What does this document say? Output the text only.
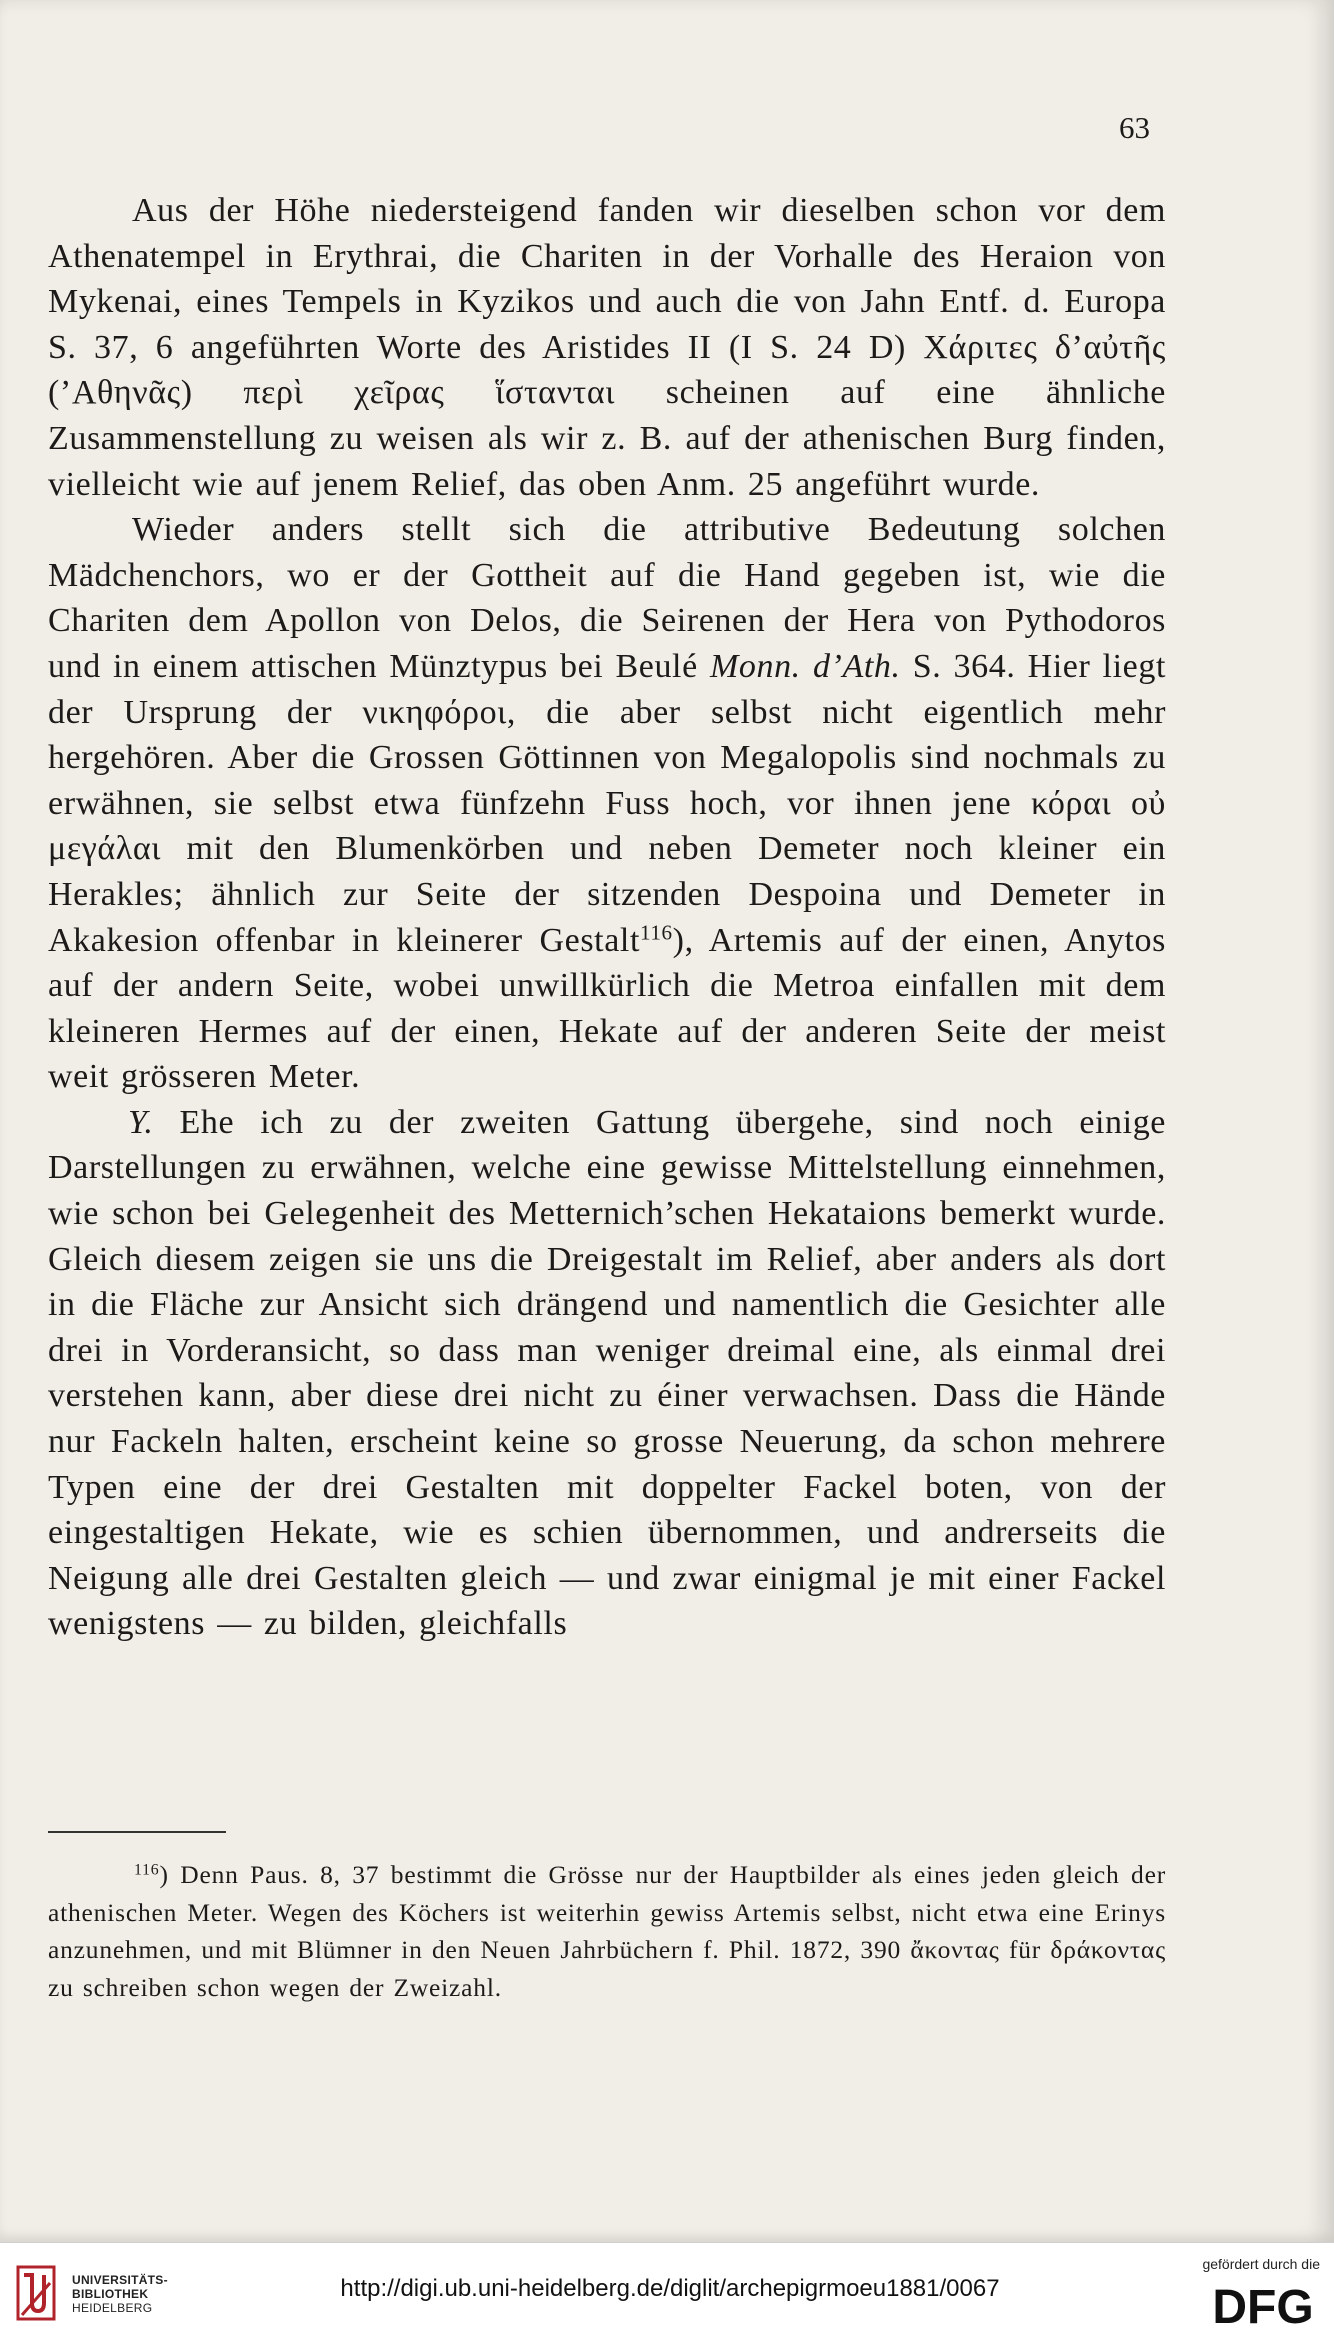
63

Aus der Höhe niedersteigend fanden wir dieselben schon vor dem Athenatempel in Erythrai, die Chariten in der Vorhalle des Heraion von Mykenai, eines Tempels in Kyzikos und auch die von Jahn Entf. d. Europa S. 37, 6 angeführten Worte des Aristides II (I S. 24 D) Χάριτες δ’αὐτῆς (’Αθηνᾶς) περὶ χεῖρας ἵστανται scheinen auf eine ähnliche Zusammenstellung zu weisen als wir z. B. auf der athenischen Burg finden, vielleicht wie auf jenem Relief, das oben Anm. 25 angeführt wurde.

Wieder anders stellt sich die attributive Bedeutung solchen Mädchenchors, wo er der Gottheit auf die Hand gegeben ist, wie die Chariten dem Apollon von Delos, die Seirenen der Hera von Pythodoros und in einem attischen Münztypus bei Beulé Monn. d’Ath. S. 364. Hier liegt der Ursprung der νικηφόροι, die aber selbst nicht eigentlich mehr hergehören. Aber die Grossen Göttinnen von Megalopolis sind nochmals zu erwähnen, sie selbst etwa fünfzehn Fuss hoch, vor ihnen jene κόραι οὐ μεγάλαι mit den Blumenkörben und neben Demeter noch kleiner ein Herakles; ähnlich zur Seite der sitzenden Despoina und Demeter in Akakesion offenbar in kleinerer Gestalt$^{116}$), Artemis auf der einen, Anytos auf der andern Seite, wobei unwillkürlich die Metroa einfallen mit dem kleineren Hermes auf der einen, Hekate auf der anderen Seite der meist weit grösseren Meter.

Y. Ehe ich zu der zweiten Gattung übergehe, sind noch einige Darstellungen zu erwähnen, welche eine gewisse Mittelstellung einnehmen, wie schon bei Gelegenheit des Metternich’schen Hekataions bemerkt wurde. Gleich diesem zeigen sie uns die Dreigestalt im Relief, aber anders als dort in die Fläche zur Ansicht sich drängend und namentlich die Gesichter alle drei in Vorderansicht, so dass man weniger dreimal eine, als einmal drei verstehen kann, aber diese drei nicht zu éiner verwachsen. Dass die Hände nur Fackeln halten, erscheint keine so grosse Neuerung, da schon mehrere Typen eine der drei Gestalten mit doppelter Fackel boten, von der eingestaltigen Hekate, wie es schien übernommen, und andrerseits die Neigung alle drei Gestalten gleich — und zwar einigmal je mit einer Fackel wenigstens — zu bilden, gleichfalls

$^{116}$) Denn Paus. 8, 37 bestimmt die Grösse nur der Hauptbilder als eines jeden gleich der athenischen Meter. Wegen des Köchers ist weiterhin gewiss Artemis selbst, nicht etwa eine Erinys anzunehmen, und mit Blümner in den Neuen Jahrbüchern f. Phil. 1872, 390 ἄκοντας für δράκοντας zu schreiben schon wegen der Zweizahl.

UNIVERSITÄTS-
BIBLIOTHEK
HEIDELBERG
http://digi.ub.uni-heidelberg.de/diglit/archepigrmoeu1881/0067
gefördert durch die
DFG
